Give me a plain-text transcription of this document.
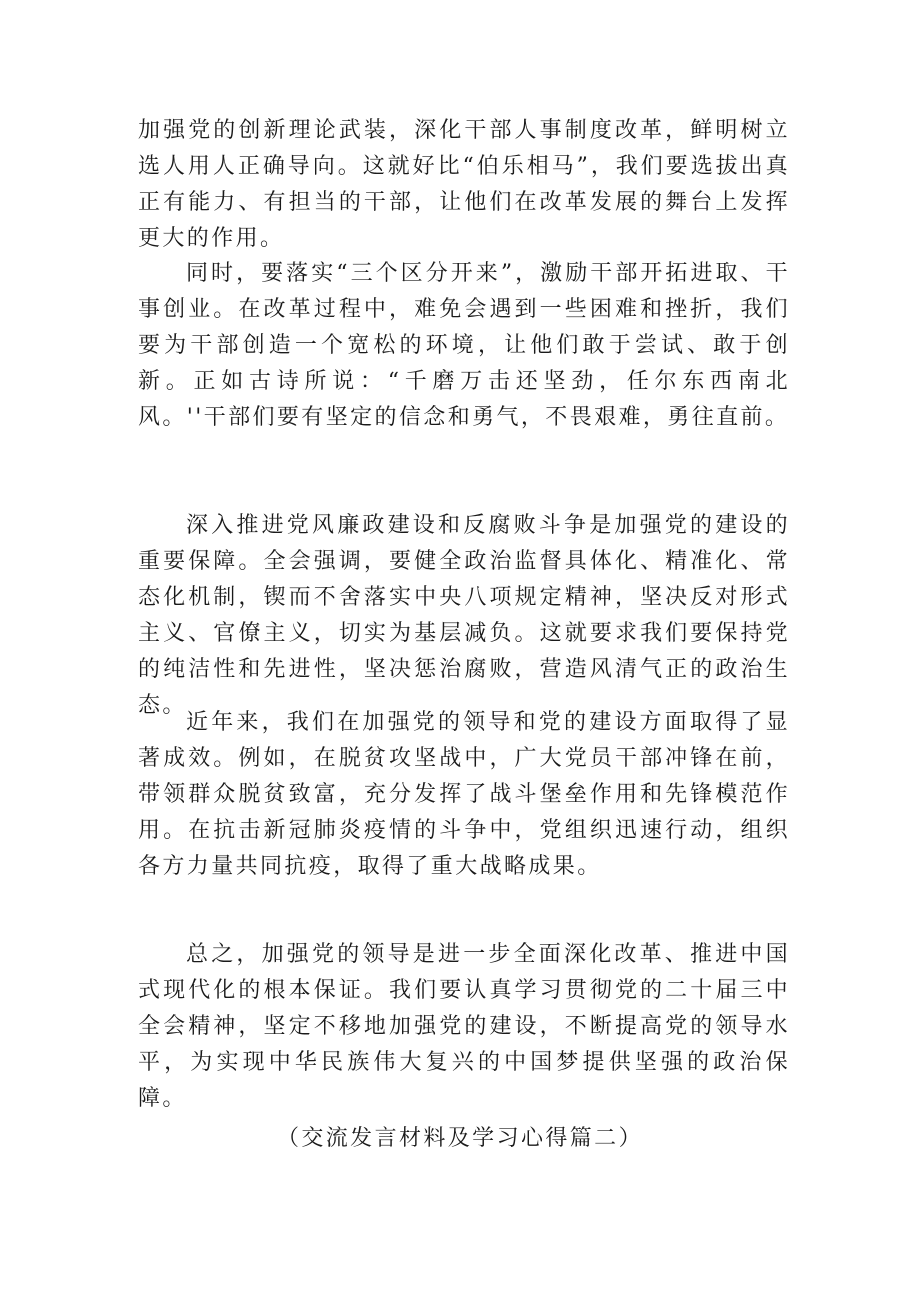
加强党的创新理论武装，深化干部人事制度改革，鲜明树立选人用人正确导向。这就好比“伯乐相马”，我们要选拔出真正有能力、有担当的干部，让他们在改革发展的舞台上发挥更大的作用。

同时，要落实“三个区分开来”，激励干部开拓进取、干事创业。在改革过程中，难免会遇到一些困难和挫折，我们要为干部创造一个宽松的环境，让他们敢于尝试、敢于创新。正如古诗所说：“千磨万击还坚劲，任尔东西南北风。''干部们要有坚定的信念和勇气，不畏艰难，勇往直前。

深入推进党风廉政建设和反腐败斗争是加强党的建设的重要保障。全会强调，要健全政治监督具体化、精准化、常态化机制，锲而不舍落实中央八项规定精神，坚决反对形式主义、官僚主义，切实为基层减负。这就要求我们要保持党的纯洁性和先进性，坚决惩治腐败，营造风清气正的政治生态。

近年来，我们在加强党的领导和党的建设方面取得了显著成效。例如，在脱贫攻坚战中，广大党员干部冲锋在前，带领群众脱贫致富，充分发挥了战斗堡垒作用和先锋模范作用。在抗击新冠肺炎疫情的斗争中，党组织迅速行动，组织各方力量共同抗疫，取得了重大战略成果。

总之，加强党的领导是进一步全面深化改革、推进中国式现代化的根本保证。我们要认真学习贯彻党的二十届三中全会精神，坚定不移地加强党的建设，不断提高党的领导水平，为实现中华民族伟大复兴的中国梦提供坚强的政治保障。

（交流发言材料及学习心得篇二）
